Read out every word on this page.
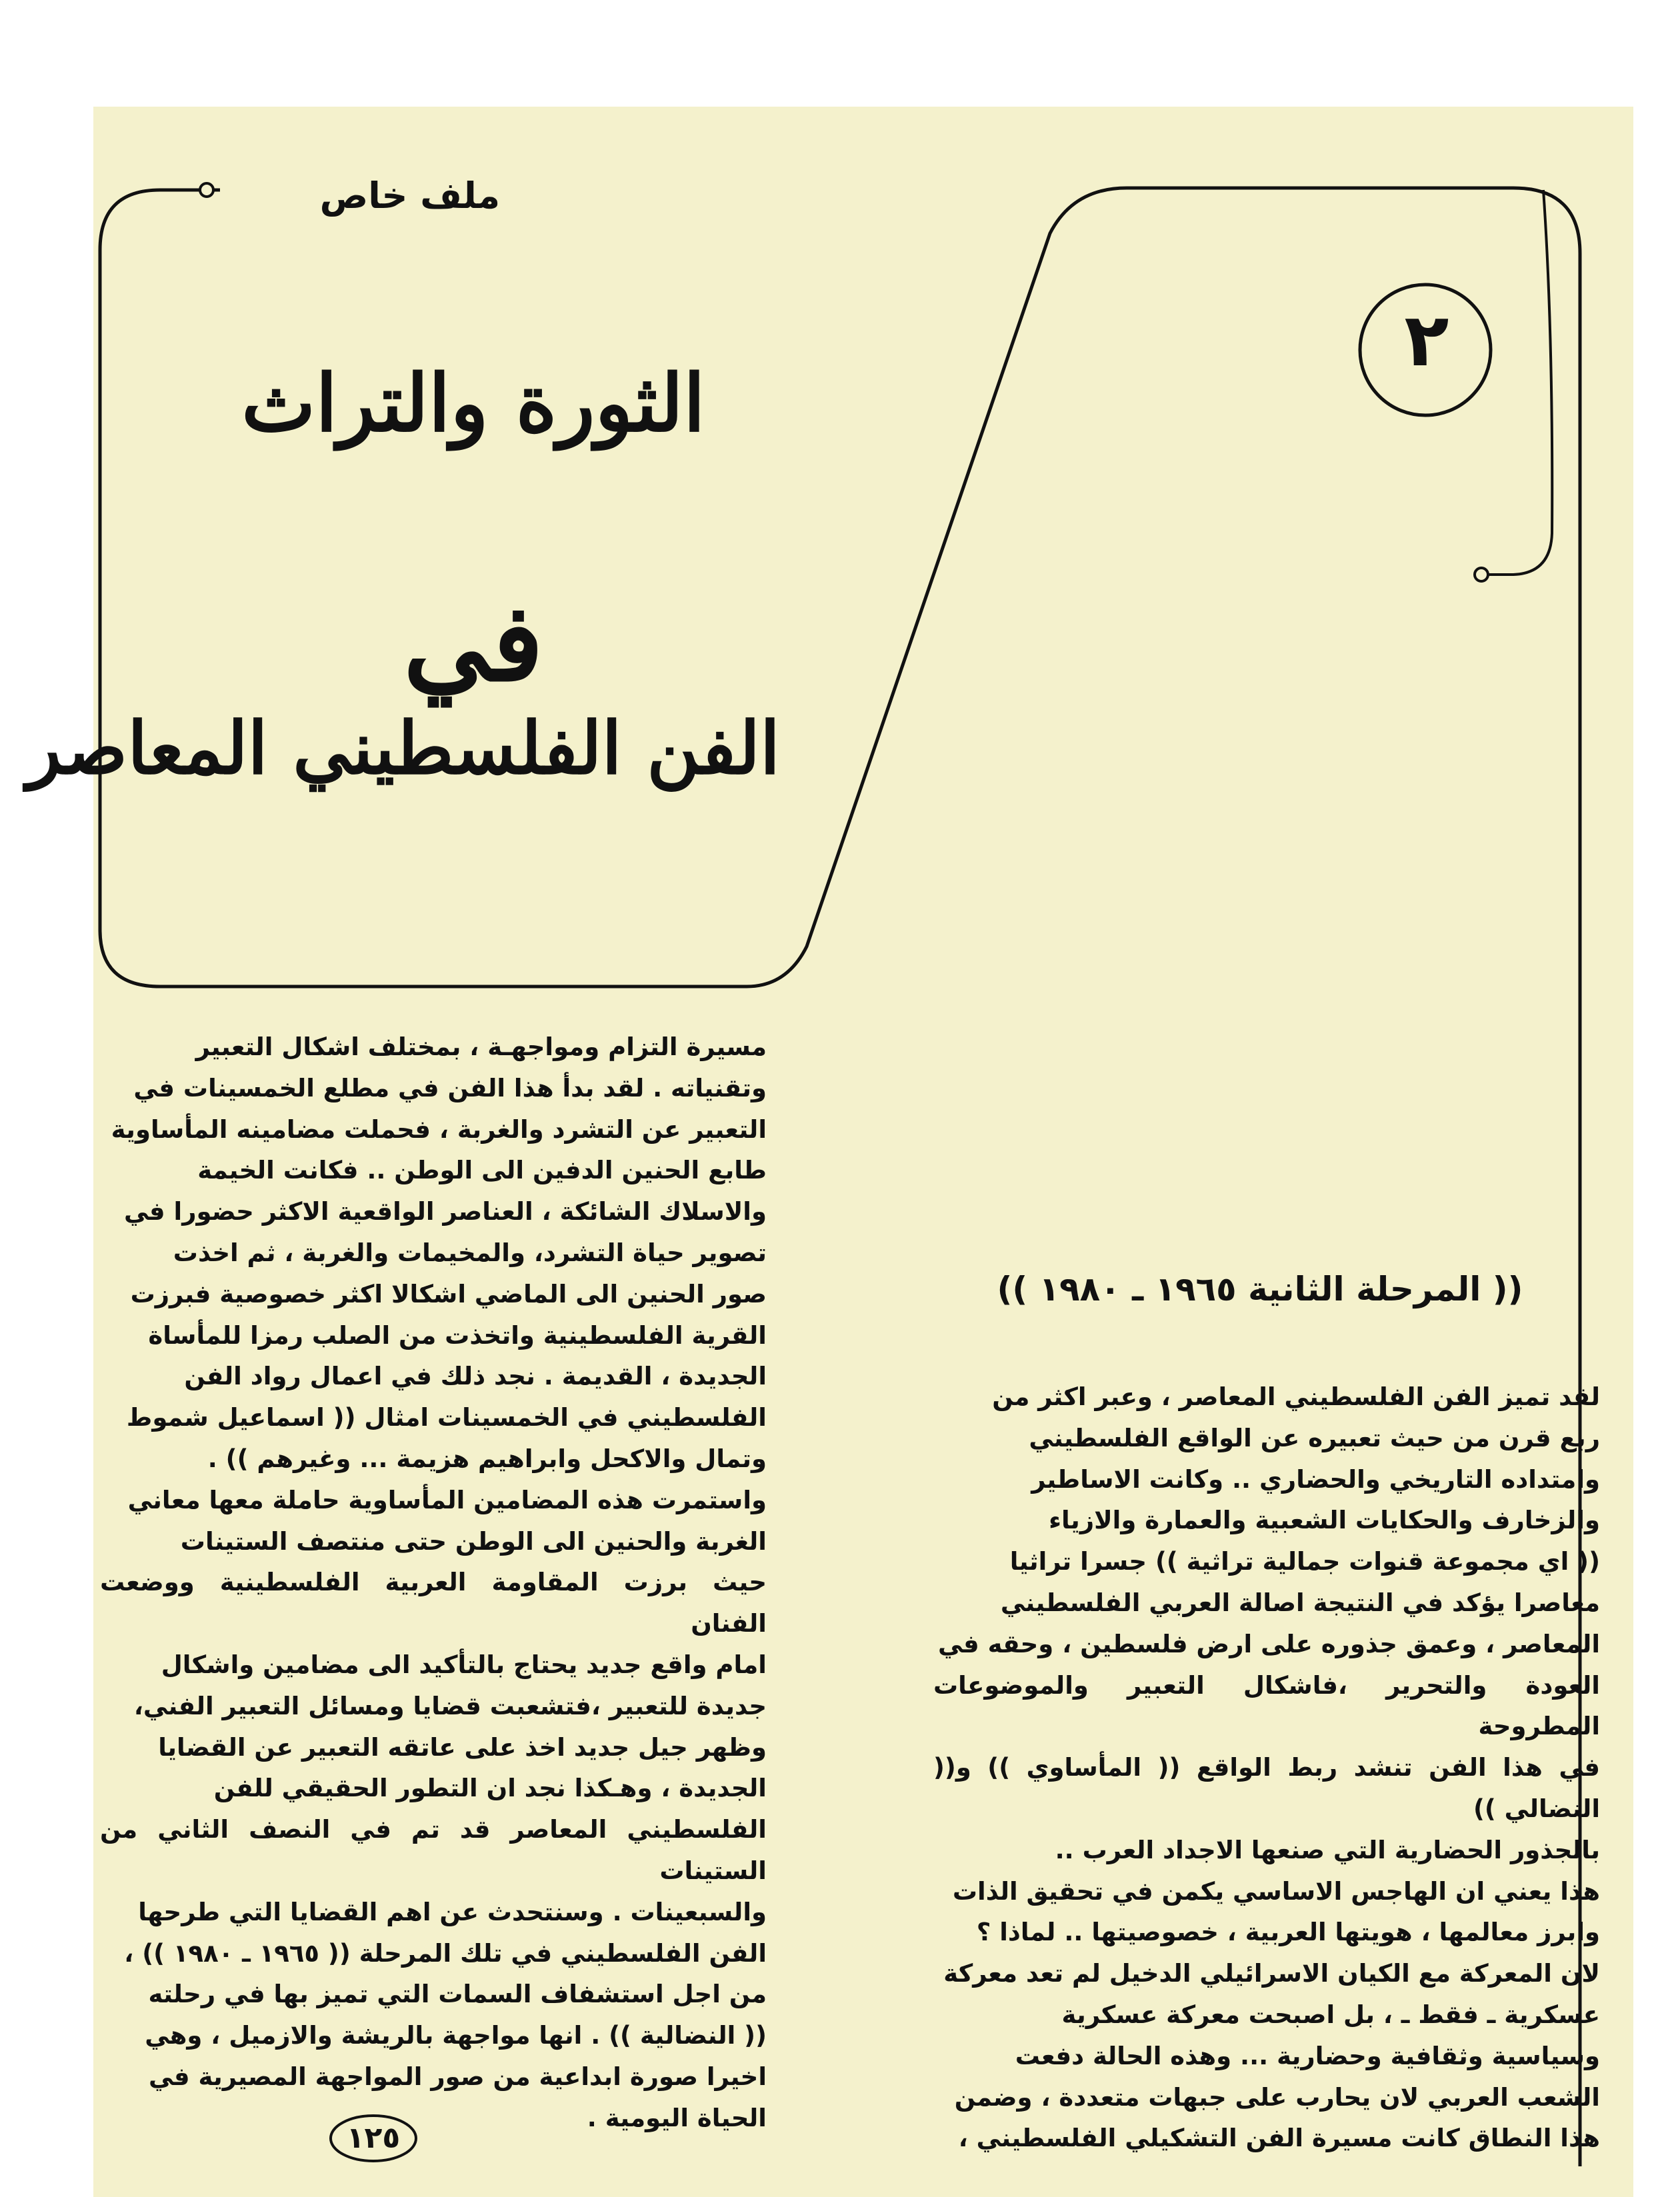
ملف خاص
٢
الثورة والتراث
في
الفن الفلسطيني المعاصر

مسيرة التزام ومواجهـة ، بمختلف اشكال التعبير
وتقنياته . لقد بدأ هذا الفن في مطلع الخمسينات في
التعبير عن التشرد والغربة ، فحملت مضامينه المأساوية
طابع الحنين الدفين الى الوطن .. فكانت الخيمة
والاسلاك الشائكة ، العناصر الواقعية الاكثر حضورا في
تصوير حياة التشرد، والمخيمات والغربة ، ثم اخذت
صور الحنين الى الماضي اشكالا اكثر خصوصية فبرزت
القرية الفلسطينية واتخذت من الصلب رمزا للمأساة
الجديدة ، القديمة . نجد ذلك في اعمال رواد الفن
الفلسطيني في الخمسينات امثال (( اسماعيل شموط
وتمال والاكحل وابراهيم هزيمة ... وغيرهم )) .
واستمرت هذه المضامين المأساوية حاملة معها معاني
الغربة والحنين الى الوطن حتى منتصف الستينات
حيث برزت المقاومة العربية الفلسطينية ووضعت الفنان
امام واقع جديد يحتاج بالتأكيد الى مضامين واشكال
جديدة للتعبير ،فتشعبت قضايا ومسائل التعبير الفني،
وظهر جيل جديد اخذ على عاتقه التعبير عن القضايا
الجديدة ، وهـكذا نجد ان التطور الحقيقي للفن
الفلسطيني المعاصر قد تم في النصف الثاني من الستينات
والسبعينات . وسنتحدث عن اهم القضايا التي طرحها
الفن الفلسطيني في تلك المرحلة (( ١٩٦٥ ـ ١٩٨٠ )) ،
من اجل استشفاف السمات التي تميز بها في رحلته
(( النضالية )) . انها مواجهة بالريشة والازميل ، وهي
اخيرا صورة ابداعية من صور المواجهة المصيرية في
الحياة اليومية .

(( المرحلة الثانية ١٩٦٥ ـ ١٩٨٠ ))

لقد تميز الفن الفلسطيني المعاصر ، وعبر اكثر من
ربع قرن من حيث تعبيره عن الواقع الفلسطيني
وامتداده التاريخي والحضاري .. وكانت الاساطير
والزخارف والحكايات الشعبية والعمارة والازياء
(( اي مجموعة قنوات جمالية تراثية )) جسرا تراثيا
معاصرا يؤكد في النتيجة اصالة العربي الفلسطيني
المعاصر ، وعمق جذوره على ارض فلسطين ، وحقه في
العودة والتحرير ،فاشكال التعبير والموضوعات المطروحة
في هذا الفن تنشد ربط الواقع (( المأساوي )) و(( النضالي ))
بالجذور الحضارية التي صنعها الاجداد العرب ..
هذا يعني ان الهاجس الاساسي يكمن في تحقيق الذات
وابرز معالمها ، هويتها العربية ، خصوصيتها .. لماذا ؟
لان المعركة مع الكيان الاسرائيلي الدخيل لم تعد معركة
عسكرية ـ فقط ـ ، بل اصبحت معركة عسكرية
وسياسية وثقافية وحضارية ... وهذه الحالة دفعت
الشعب العربي لان يحارب على جبهات متعددة ، وضمن
هذا النطاق كانت مسيرة الفن التشكيلي الفلسطيني ،

١٢٥
